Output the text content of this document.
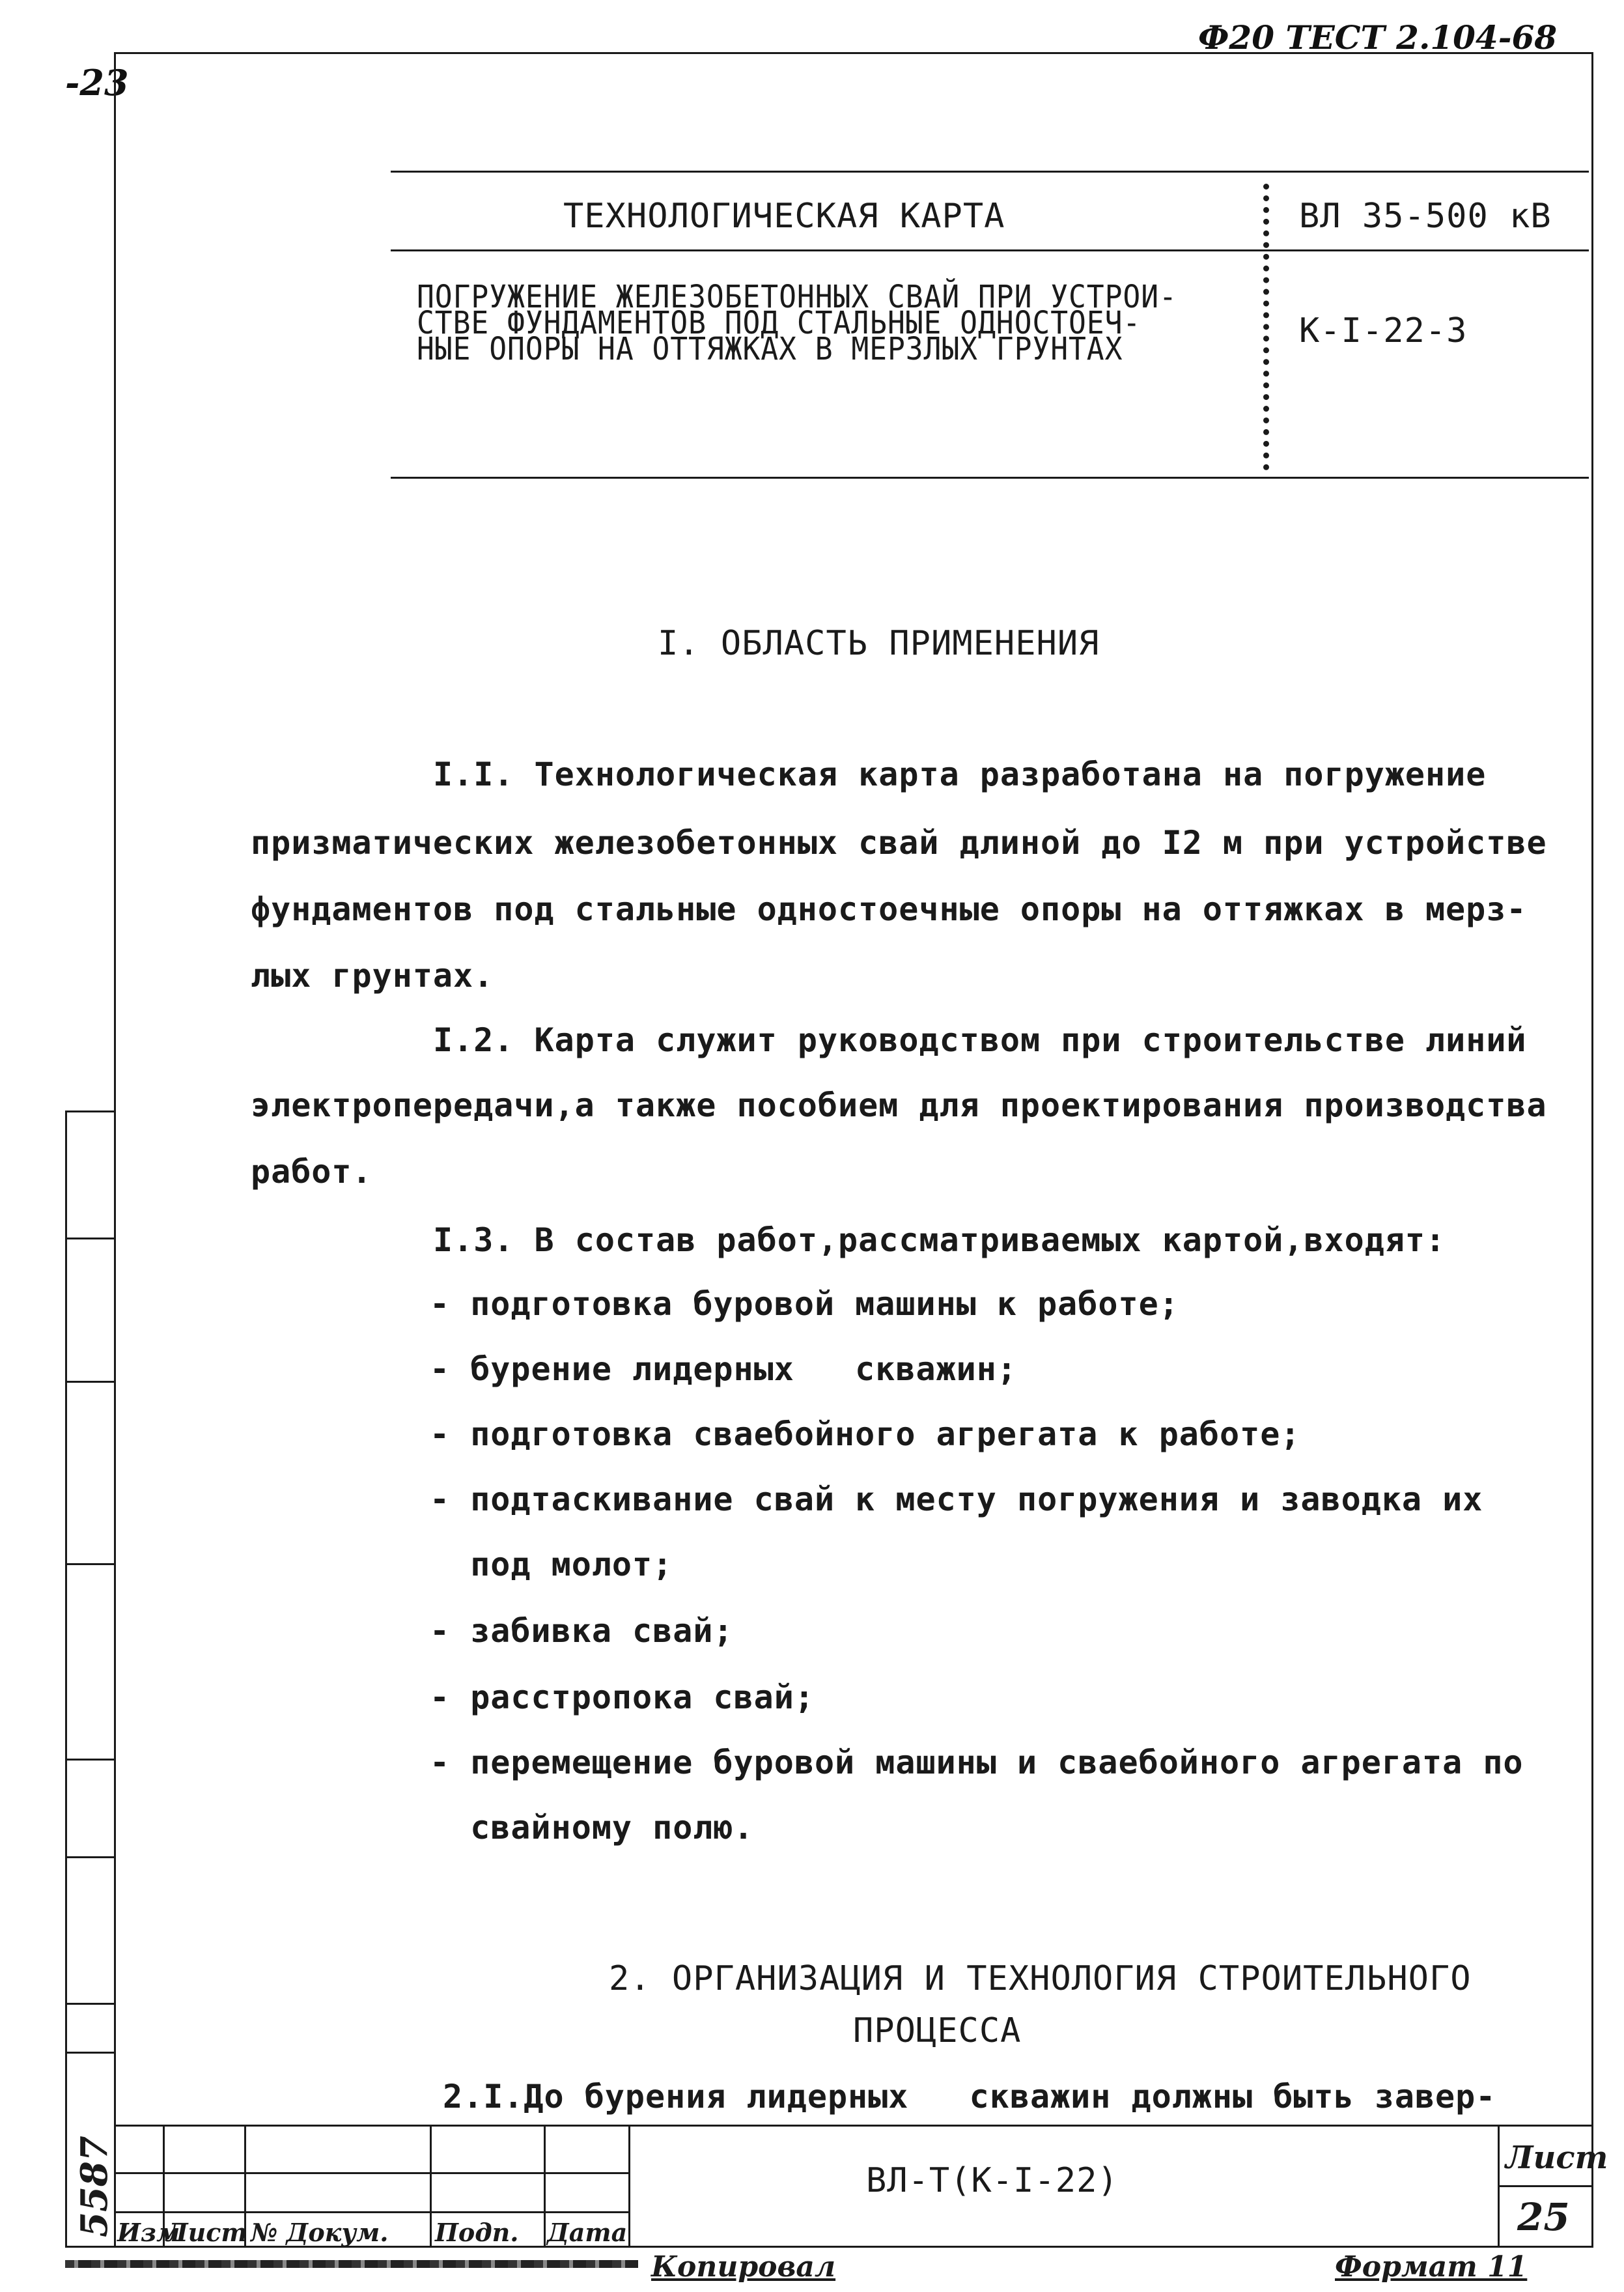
-23
Ф20 ТЕСТ 2.104-68
ТЕХНОЛОГИЧЕСКАЯ КАРТА	ВЛ 35-500 кВ
ПОГРУЖЕНИЕ ЖЕЛЕЗОБЕТОННЫХ СВАЙ ПРИ УСТРОИ-
СТВЕ ФУНДАМЕНТОВ ПОД СТАЛЬНЫЕ ОДНОСТОЕЧ-
НЫЕ ОПОРЫ НА ОТТЯЖКАХ В МЕРЗЛЫХ ГРУНТАХ	К-I-22-3
I. ОБЛАСТЬ ПРИМЕНЕНИЯ
I.I. Технологическая карта разработана на погружение
призматических железобетонных свай длиной до I2 м при устройстве
фундаментов под стальные одностоечные опоры на оттяжках в мерз-
лых грунтах.
I.2. Карта служит руководством при строительстве линий
электропередачи,а также пособием для проектирования производства
работ.
I.3. В состав работ,рассматриваемых картой,входят:
- подготовка буровой машины к работе;
- бурение лидерных   скважин;
- подготовка сваебойного агрегата к работе;
- подтаскивание свай к месту погружения и заводка их
под молот;
- забивка свай;
- расстропока свай;
- перемещение буровой машины и сваебойного агрегата по
свайному полю.
2. ОРГАНИЗАЦИЯ И ТЕХНОЛОГИЯ СТРОИТЕЛЬНОГО
ПРОЦЕССА
2.I.До бурения лидерных   скважин должны быть завер-
5587 Изм
Лист № Докум. Подп. Дата
ВЛ-Т(К-I-22)
Лист
25
Копировал	Формат 11
